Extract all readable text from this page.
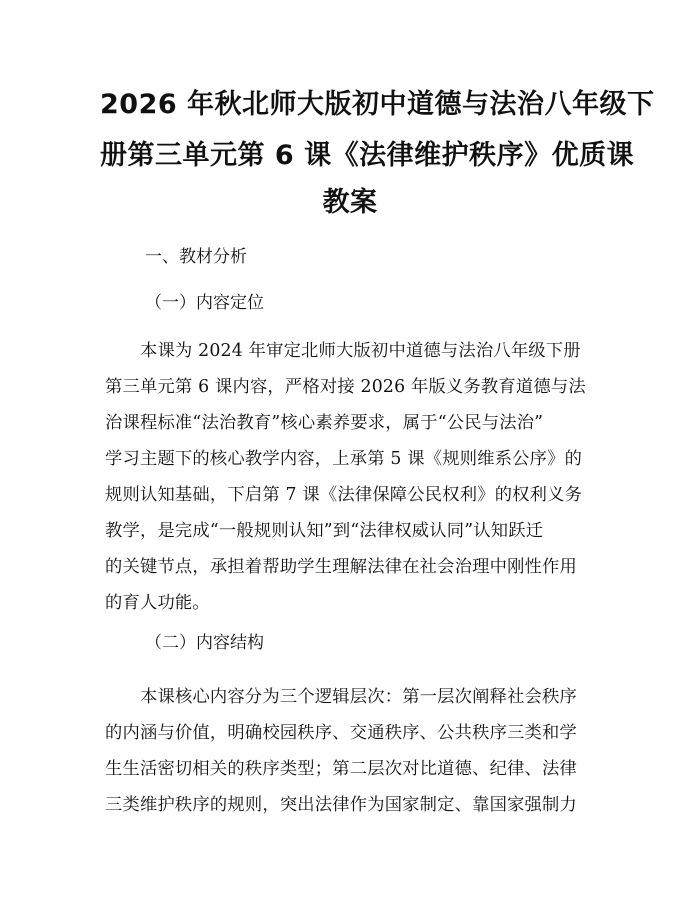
2026 年秋北师大版初中道德与法治八年级下
册第三单元第 6 课《法律维护秩序》优质课
教案
一、教材分析
（一）内容定位
本课为 2024 年审定北师大版初中道德与法治八年级下册
第三单元第 6 课内容，严格对接 2026 年版义务教育道德与法
治课程标准“法治教育”核心素养要求，属于“公民与法治”
学习主题下的核心教学内容，上承第 5 课《规则维系公序》的
规则认知基础，下启第 7 课《法律保障公民权利》的权利义务
教学，是完成“一般规则认知”到“法律权威认同”认知跃迁
的关键节点，承担着帮助学生理解法律在社会治理中刚性作用
的育人功能。
（二）内容结构
本课核心内容分为三个逻辑层次：第一层次阐释社会秩序
的内涵与价值，明确校园秩序、交通秩序、公共秩序三类和学
生生活密切相关的秩序类型；第二层次对比道德、纪律、法律
三类维护秩序的规则，突出法律作为国家制定、靠国家强制力
